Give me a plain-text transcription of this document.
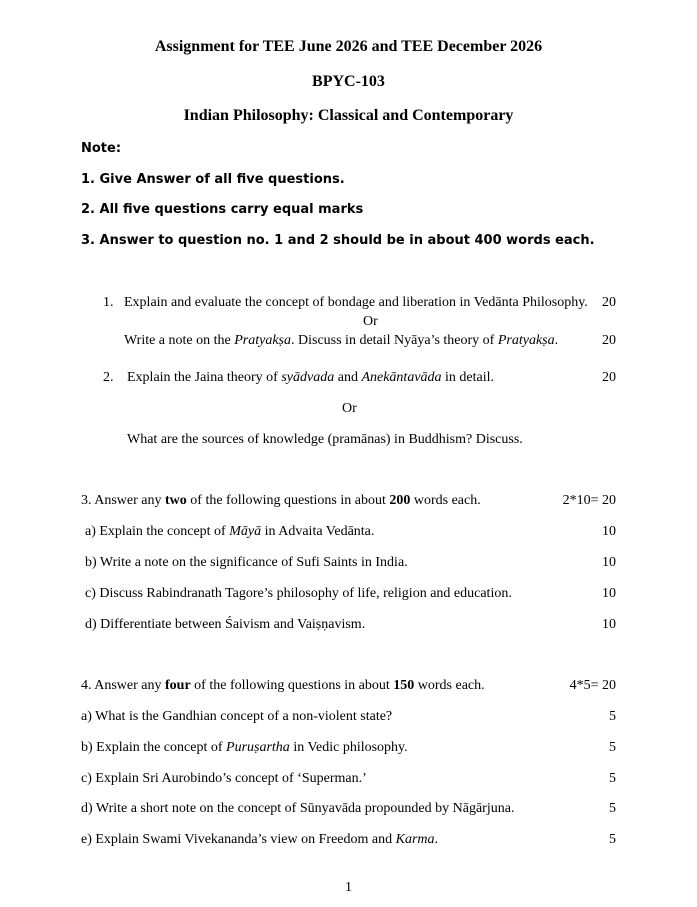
Assignment for TEE June 2026 and TEE December 2026
BPYC-103
Indian Philosophy: Classical and Contemporary
Note:
1. Give Answer of all five questions.
2. All five questions carry equal marks
3. Answer to question no. 1 and 2 should be in about 400 words each.
1. Explain and evaluate the concept of bondage and liberation in Vedānta Philosophy. 20
Or
Write a note on the Pratyakṣa. Discuss in detail Nyāya’s theory of Pratyakṣa.	20
2. Explain the Jaina theory of syādvada and Anekāntavāda in detail.	20
Or
What are the sources of knowledge (pramānas) in Buddhism? Discuss.
3. Answer any two of the following questions in about 200 words each.	2*10= 20
a) Explain the concept of Māyā in Advaita Vedānta.	10
b) Write a note on the significance of Sufi Saints in India.	10
c) Discuss Rabindranath Tagore’s philosophy of life, religion and education.	10
d) Differentiate between Śaivism and Vaiṣṇavism.	10
4. Answer any four of the following questions in about 150 words each.	4*5= 20
a) What is the Gandhian concept of a non-violent state?	5
b) Explain the concept of Puruṣartha in Vedic philosophy.	5
c) Explain Sri Aurobindo’s concept of ‘Superman.’	5
d) Write a short note on the concept of Sūnyavāda propounded by Nāgārjuna.	5
e) Explain Swami Vivekananda’s view on Freedom and Karma.	5
1
